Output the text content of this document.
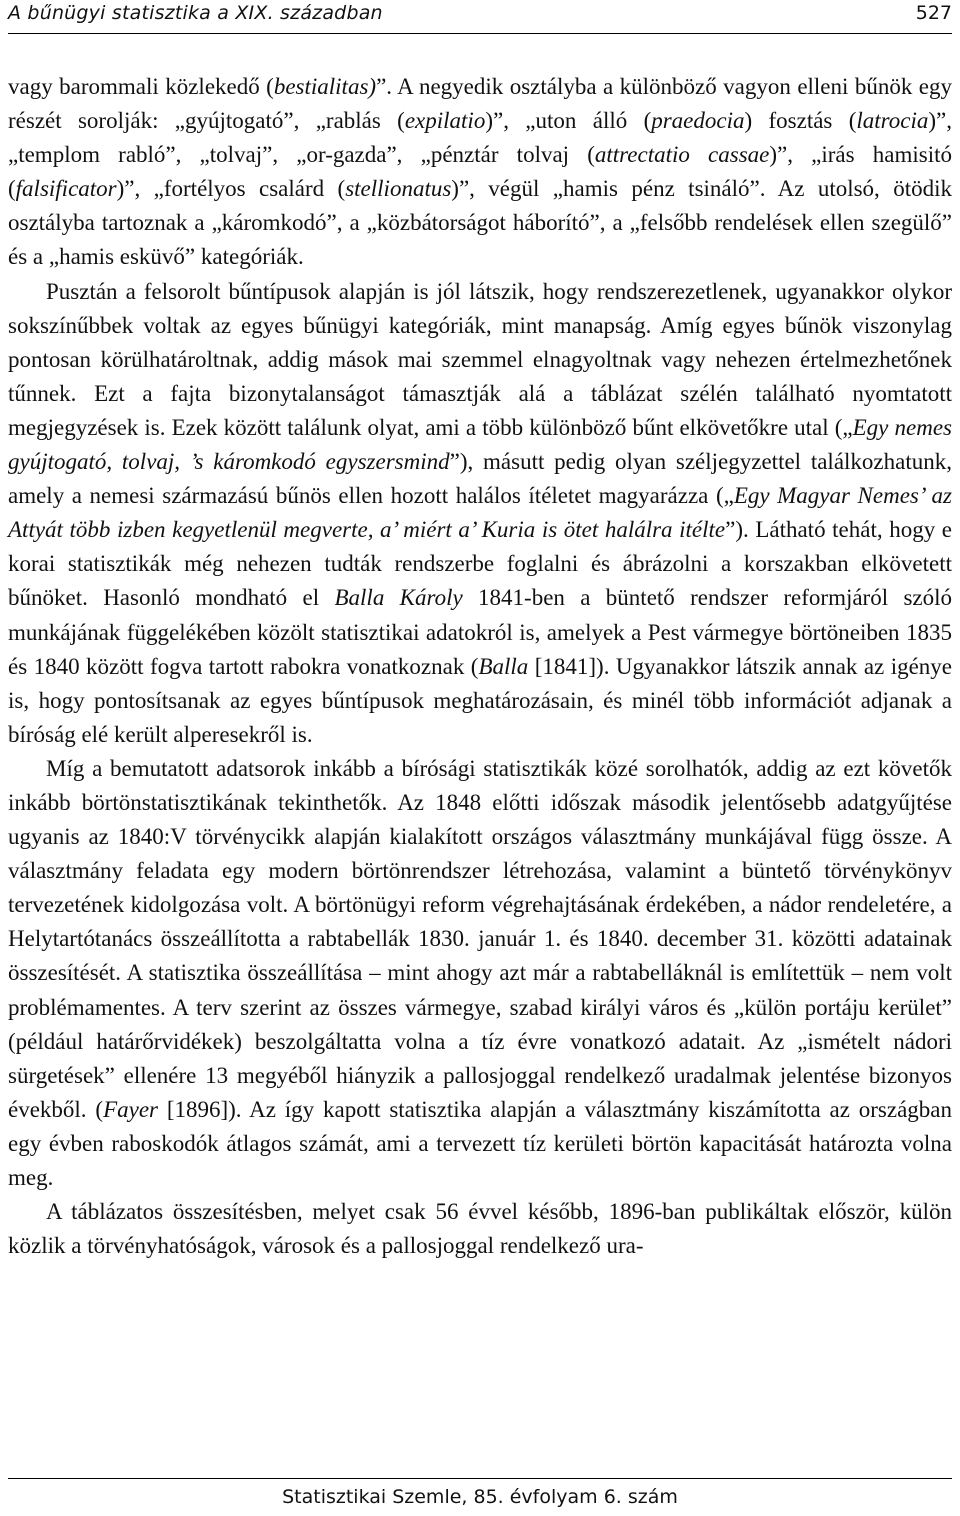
A bűnügyi statisztika a XIX. században	527

vagy barommali közlekedő (bestialitas)”. A negyedik osztályba a különböző vagyon elleni bűnök egy részét sorolják: „gyújtogató”, „rablás (expilatio)”, „uton álló (praedocia) fosztás (latrocia)”, „templom rabló”, „tolvaj”, „or-gazda”, „pénztár tolvaj (attrectatio cassae)”, „irás hamisitó (falsificator)”, „fortélyos csalárd (stellionatus)”, végül „hamis pénz tsináló”. Az utolsó, ötödik osztályba tartoznak a „káromkodó”, a „közbátorságot háborító”, a „felsőbb rendelések ellen szegülő” és a „hamis esküvő” kategóriák.

Pusztán a felsorolt bűntípusok alapján is jól látszik, hogy rendszerezetlenek, ugyanakkor olykor sokszínűbbek voltak az egyes bűnügyi kategóriák, mint manapság. Amíg egyes bűnök viszonylag pontosan körülhatároltnak, addig mások mai szemmel elnagyoltnak vagy nehezen értelmezhetőnek tűnnek. Ezt a fajta bizonytalanságot támasztják alá a táblázat szélén található nyomtatott megjegyzések is. Ezek között találunk olyat, ami a több különböző bűnt elkövetőkre utal („Egy nemes gyújtogató, tolvaj, ’s káromkodó egyszersmind”), másutt pedig olyan széljegyzettel találkozhatunk, amely a nemesi származású bűnös ellen hozott halálos ítéletet magyarázza („Egy Magyar Nemes’ az Attyát több izben kegyetlenül megverte, a’ miért a’ Kuria is ötet halálra itélte”). Látható tehát, hogy e korai statisztikák még nehezen tudták rendszerbe foglalni és ábrázolni a korszakban elkövetett bűnöket. Hasonló mondható el Balla Károly 1841-ben a büntető rendszer reformjáról szóló munkájának függelékében közölt statisztikai adatokról is, amelyek a Pest vármegye börtöneiben 1835 és 1840 között fogva tartott rabokra vonatkoznak (Balla [1841]). Ugyanakkor látszik annak az igénye is, hogy pontosítsanak az egyes bűntípusok meghatározásain, és minél több információt adjanak a bíróság elé került alperesekről is.

Míg a bemutatott adatsorok inkább a bírósági statisztikák közé sorolhatók, addig az ezt követők inkább börtönstatisztikának tekinthetők. Az 1848 előtti időszak második jelentősebb adatgyűjtése ugyanis az 1840:V törvénycikk alapján kialakított országos választmány munkájával függ össze. A választmány feladata egy modern börtönrendszer létrehozása, valamint a büntető törvénykönyv tervezetének kidolgozása volt. A börtönügyi reform végrehajtásának érdekében, a nádor rendeletére, a Helytartótanács összeállította a rabtabellák 1830. január 1. és 1840. december 31. közötti adatainak összesítését. A statisztika összeállítása – mint ahogy azt már a rabtabelláknál is említettük – nem volt problémamentes. A terv szerint az összes vármegye, szabad királyi város és „külön portáju kerület” (például határőrvidékek) beszolgáltatta volna a tíz évre vonatkozó adatait. Az „ismételt nádori sürgetések” ellenére 13 megyéből hiányzik a pallosjoggal rendelkező uradalmak jelentése bizonyos évekből. (Fayer [1896]). Az így kapott statisztika alapján a választmány kiszámította az országban egy évben raboskodók átlagos számát, ami a tervezett tíz kerületi börtön kapacitását határozta volna meg.

A táblázatos összesítésben, melyet csak 56 évvel később, 1896-ban publikáltak először, külön közlik a törvényhatóságok, városok és a pallosjoggal rendelkező ura-

Statisztikai Szemle, 85. évfolyam 6. szám
